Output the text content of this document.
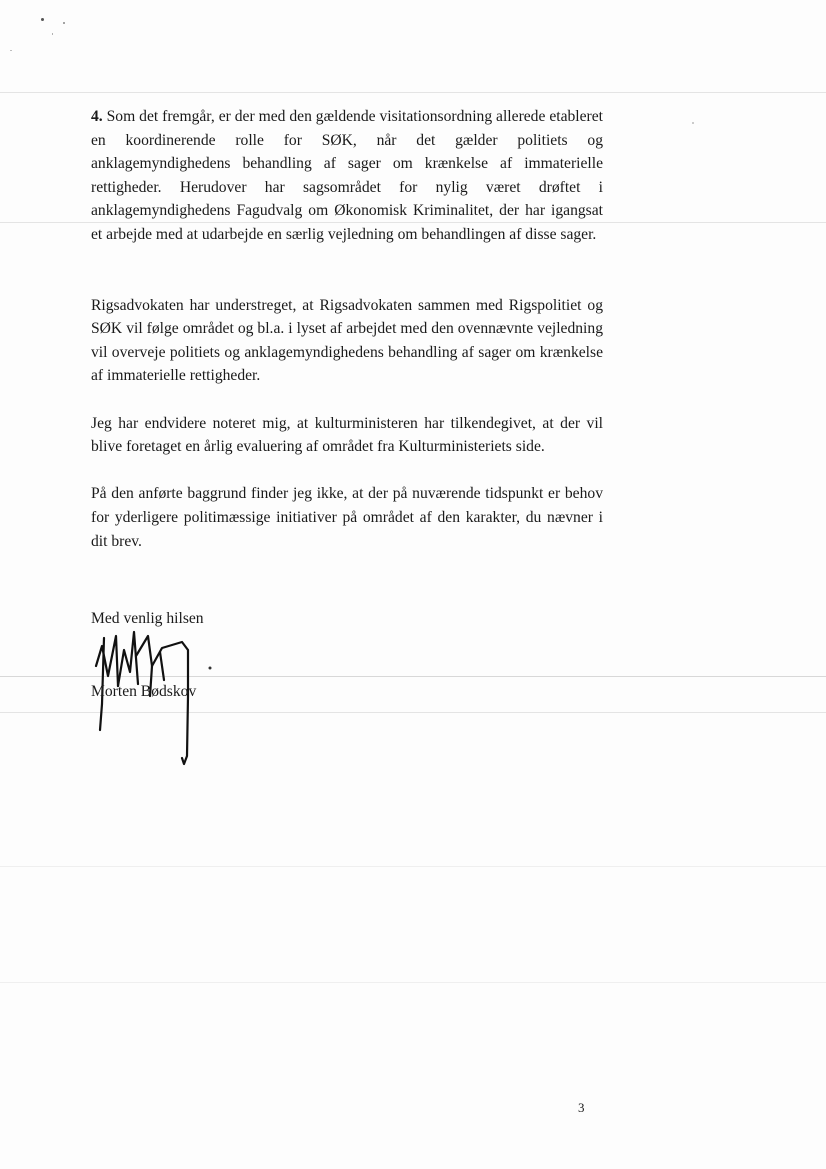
4. Som det fremgår, er der med den gældende visitationsordning allerede etableret en koordinerende rolle for SØK, når det gælder politiets og anklagemyndighedens behandling af sager om krænkelse af immaterielle rettigheder. Herudover har sagsområdet for nylig været drøftet i anklagemyndighedens Fagudvalg om Økonomisk Kriminalitet, der har igangsat et arbejde med at udarbejde en særlig vejledning om behandlingen af disse sager.

Rigsadvokaten har understreget, at Rigsadvokaten sammen med Rigspolitiet og SØK vil følge området og bl.a. i lyset af arbejdet med den ovennævnte vejledning vil overveje politiets og anklagemyndighedens behandling af sager om krænkelse af immaterielle rettigheder.

Jeg har endvidere noteret mig, at kulturministeren har tilkendegivet, at der vil blive foretaget en årlig evaluering af området fra Kulturministeriets side.

På den anførte baggrund finder jeg ikke, at der på nuværende tidspunkt er behov for yderligere politimæssige initiativer på området af den karakter, du nævner i dit brev.

Med venlig hilsen
Morten Bødskov
3
